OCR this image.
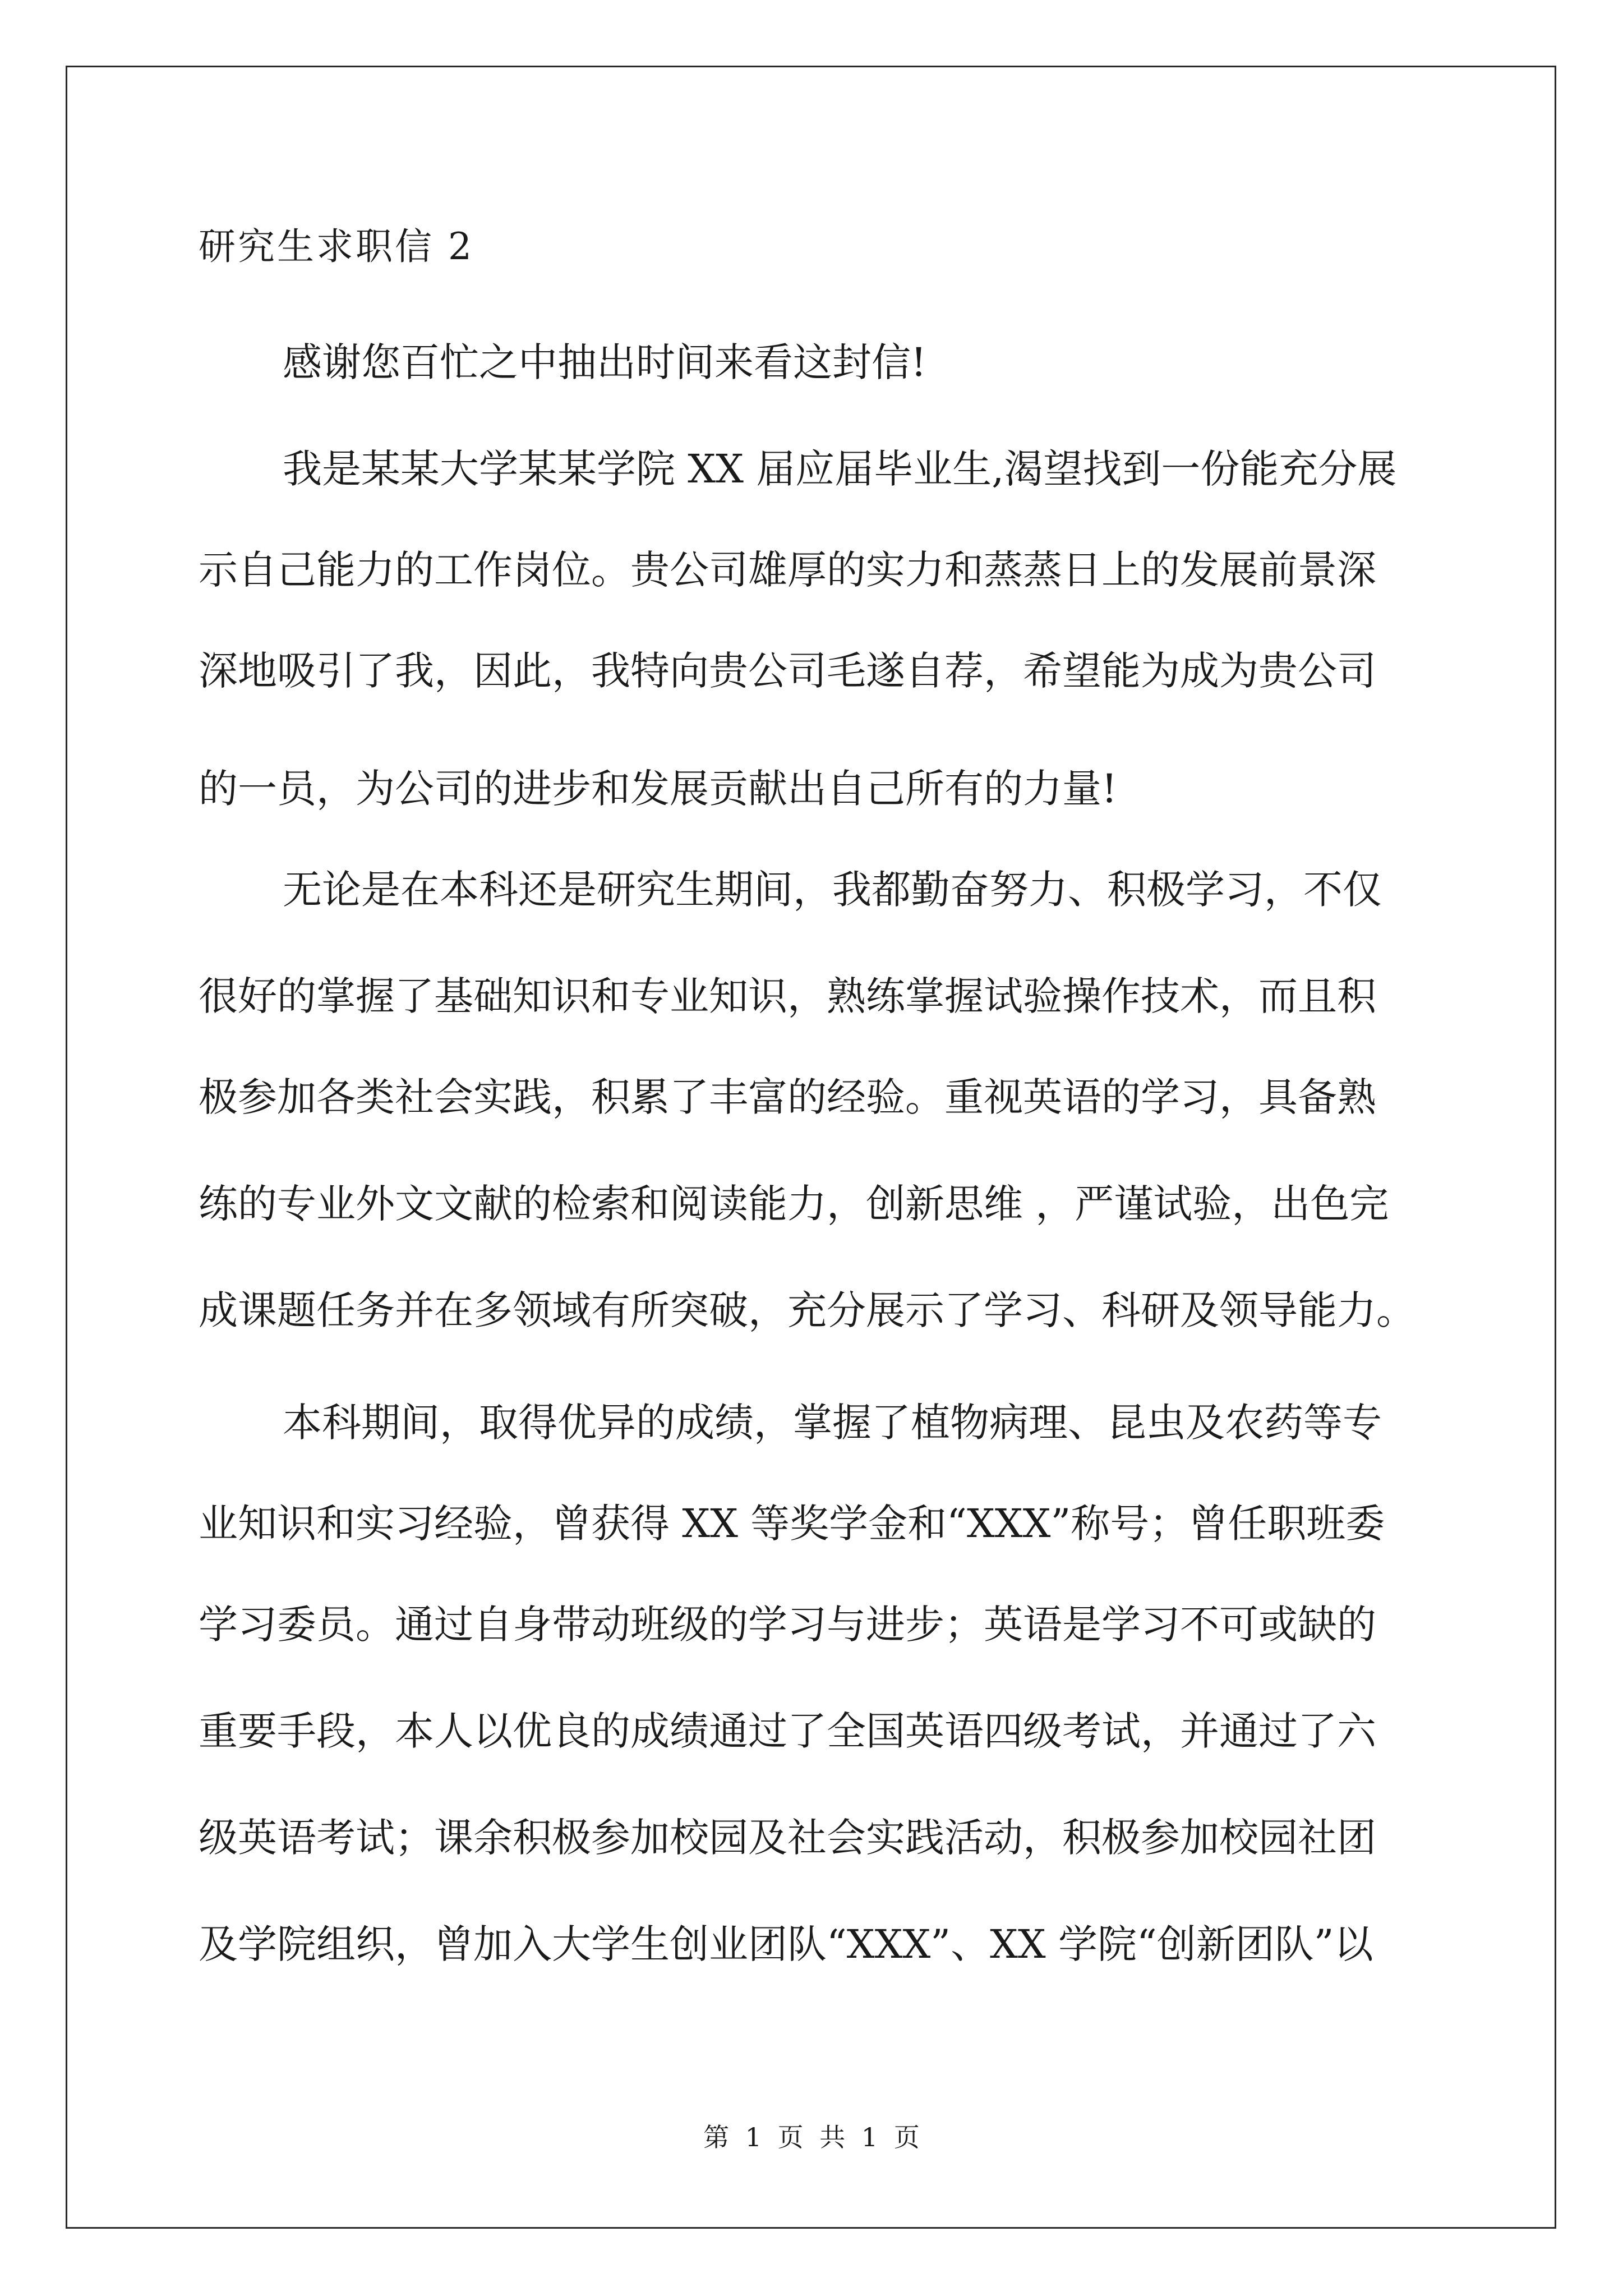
研究生求职信 2
感谢您百忙之中抽出时间来看这封信!
我是某某大学某某学院 XX 届应届毕业生,渴望找到一份能充分展
示自己能力的工作岗位。贵公司雄厚的实力和蒸蒸日上的发展前景深
深地吸引了我，因此，我特向贵公司毛遂自荐，希望能为成为贵公司
的一员，为公司的进步和发展贡献出自己所有的力量!
无论是在本科还是研究生期间，我都勤奋努力、积极学习，不仅
很好的掌握了基础知识和专业知识，熟练掌握试验操作技术，而且积
极参加各类社会实践，积累了丰富的经验。重视英语的学习，具备熟
练的专业外文文献的检索和阅读能力，创新思维 ，严谨试验，出色完
成课题任务并在多领域有所突破，充分展示了学习、科研及领导能力。
本科期间，取得优异的成绩，掌握了植物病理、昆虫及农药等专
业知识和实习经验，曾获得 XX 等奖学金和“XXX”称号；曾任职班委
学习委员。通过自身带动班级的学习与进步；英语是学习不可或缺的
重要手段，本人以优良的成绩通过了全国英语四级考试，并通过了六
级英语考试；课余积极参加校园及社会实践活动，积极参加校园社团
及学院组织，曾加入大学生创业团队“XXX”、XX 学院“创新团队”以
第 1 页 共 1 页
